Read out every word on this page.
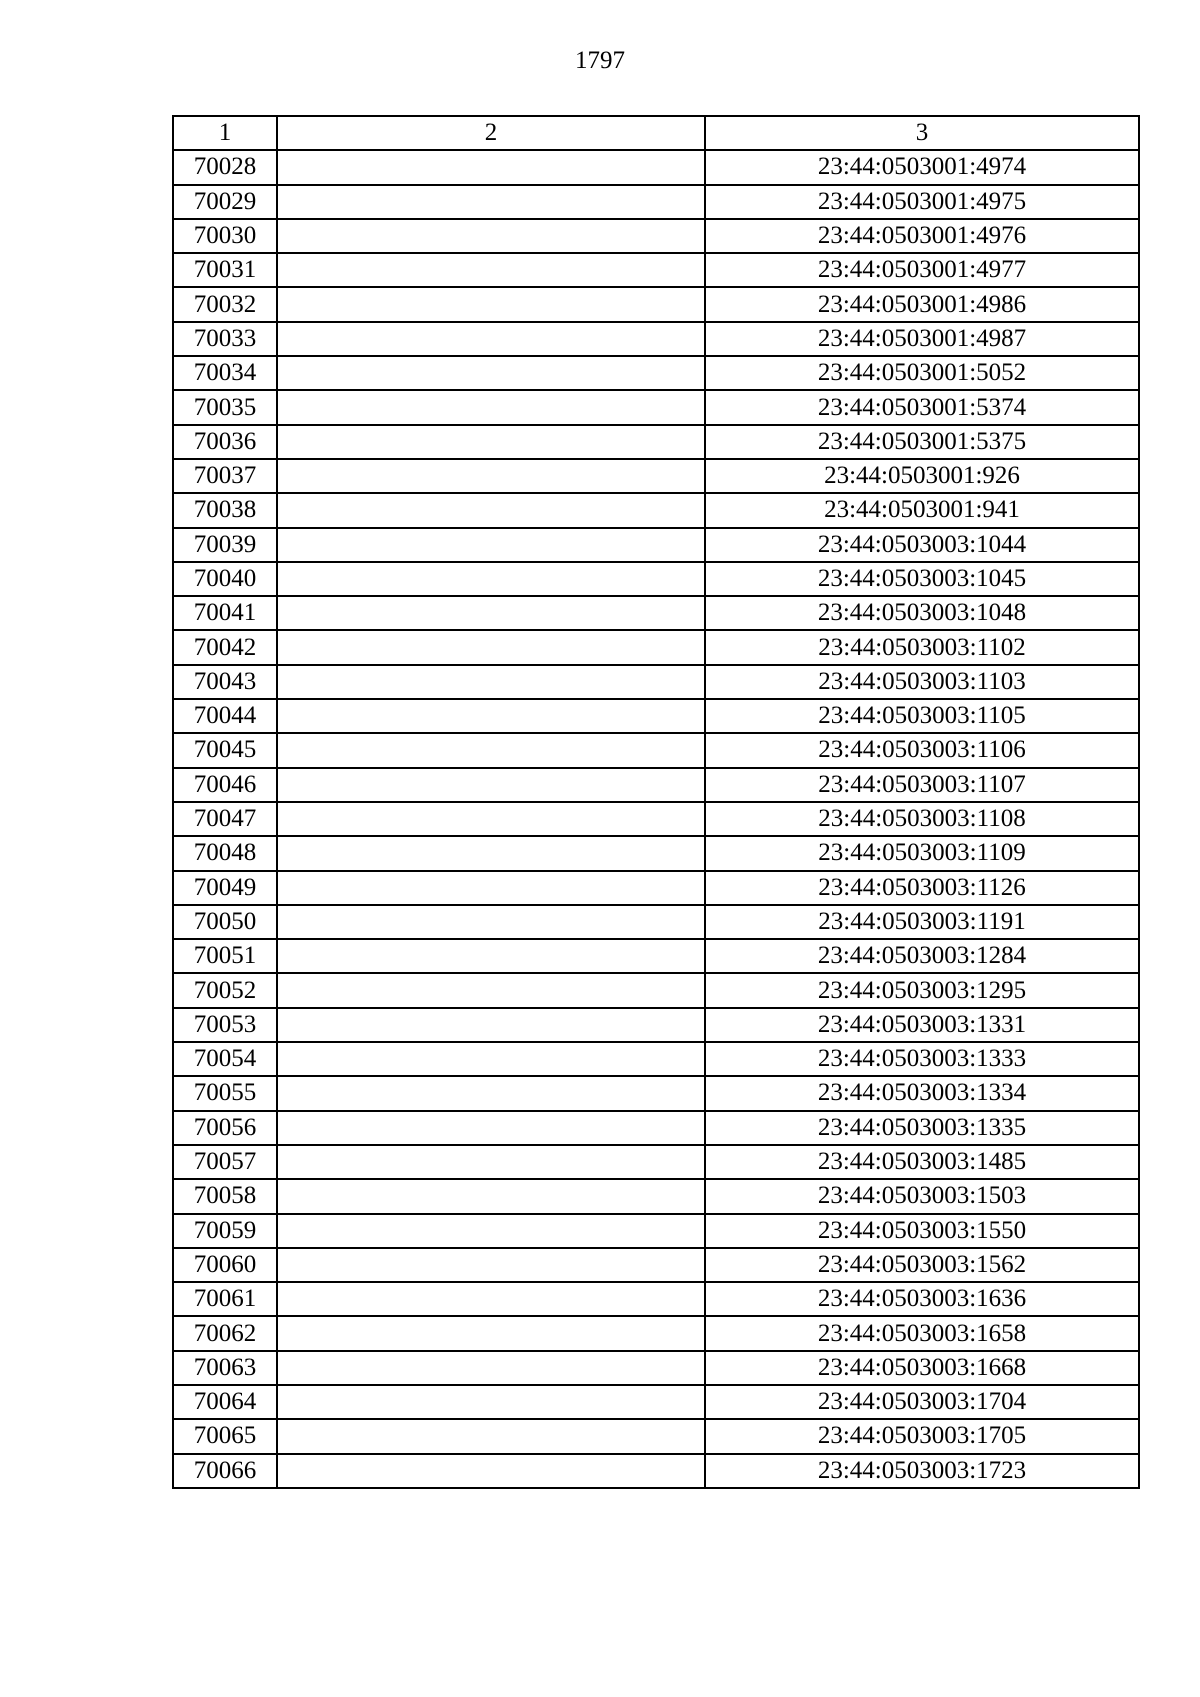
1797
1	2	3
70028		23:44:0503001:4974
70029		23:44:0503001:4975
70030		23:44:0503001:4976
70031		23:44:0503001:4977
70032		23:44:0503001:4986
70033		23:44:0503001:4987
70034		23:44:0503001:5052
70035		23:44:0503001:5374
70036		23:44:0503001:5375
70037		23:44:0503001:926
70038		23:44:0503001:941
70039		23:44:0503003:1044
70040		23:44:0503003:1045
70041		23:44:0503003:1048
70042		23:44:0503003:1102
70043		23:44:0503003:1103
70044		23:44:0503003:1105
70045		23:44:0503003:1106
70046		23:44:0503003:1107
70047		23:44:0503003:1108
70048		23:44:0503003:1109
70049		23:44:0503003:1126
70050		23:44:0503003:1191
70051		23:44:0503003:1284
70052		23:44:0503003:1295
70053		23:44:0503003:1331
70054		23:44:0503003:1333
70055		23:44:0503003:1334
70056		23:44:0503003:1335
70057		23:44:0503003:1485
70058		23:44:0503003:1503
70059		23:44:0503003:1550
70060		23:44:0503003:1562
70061		23:44:0503003:1636
70062		23:44:0503003:1658
70063		23:44:0503003:1668
70064		23:44:0503003:1704
70065		23:44:0503003:1705
70066		23:44:0503003:1723
